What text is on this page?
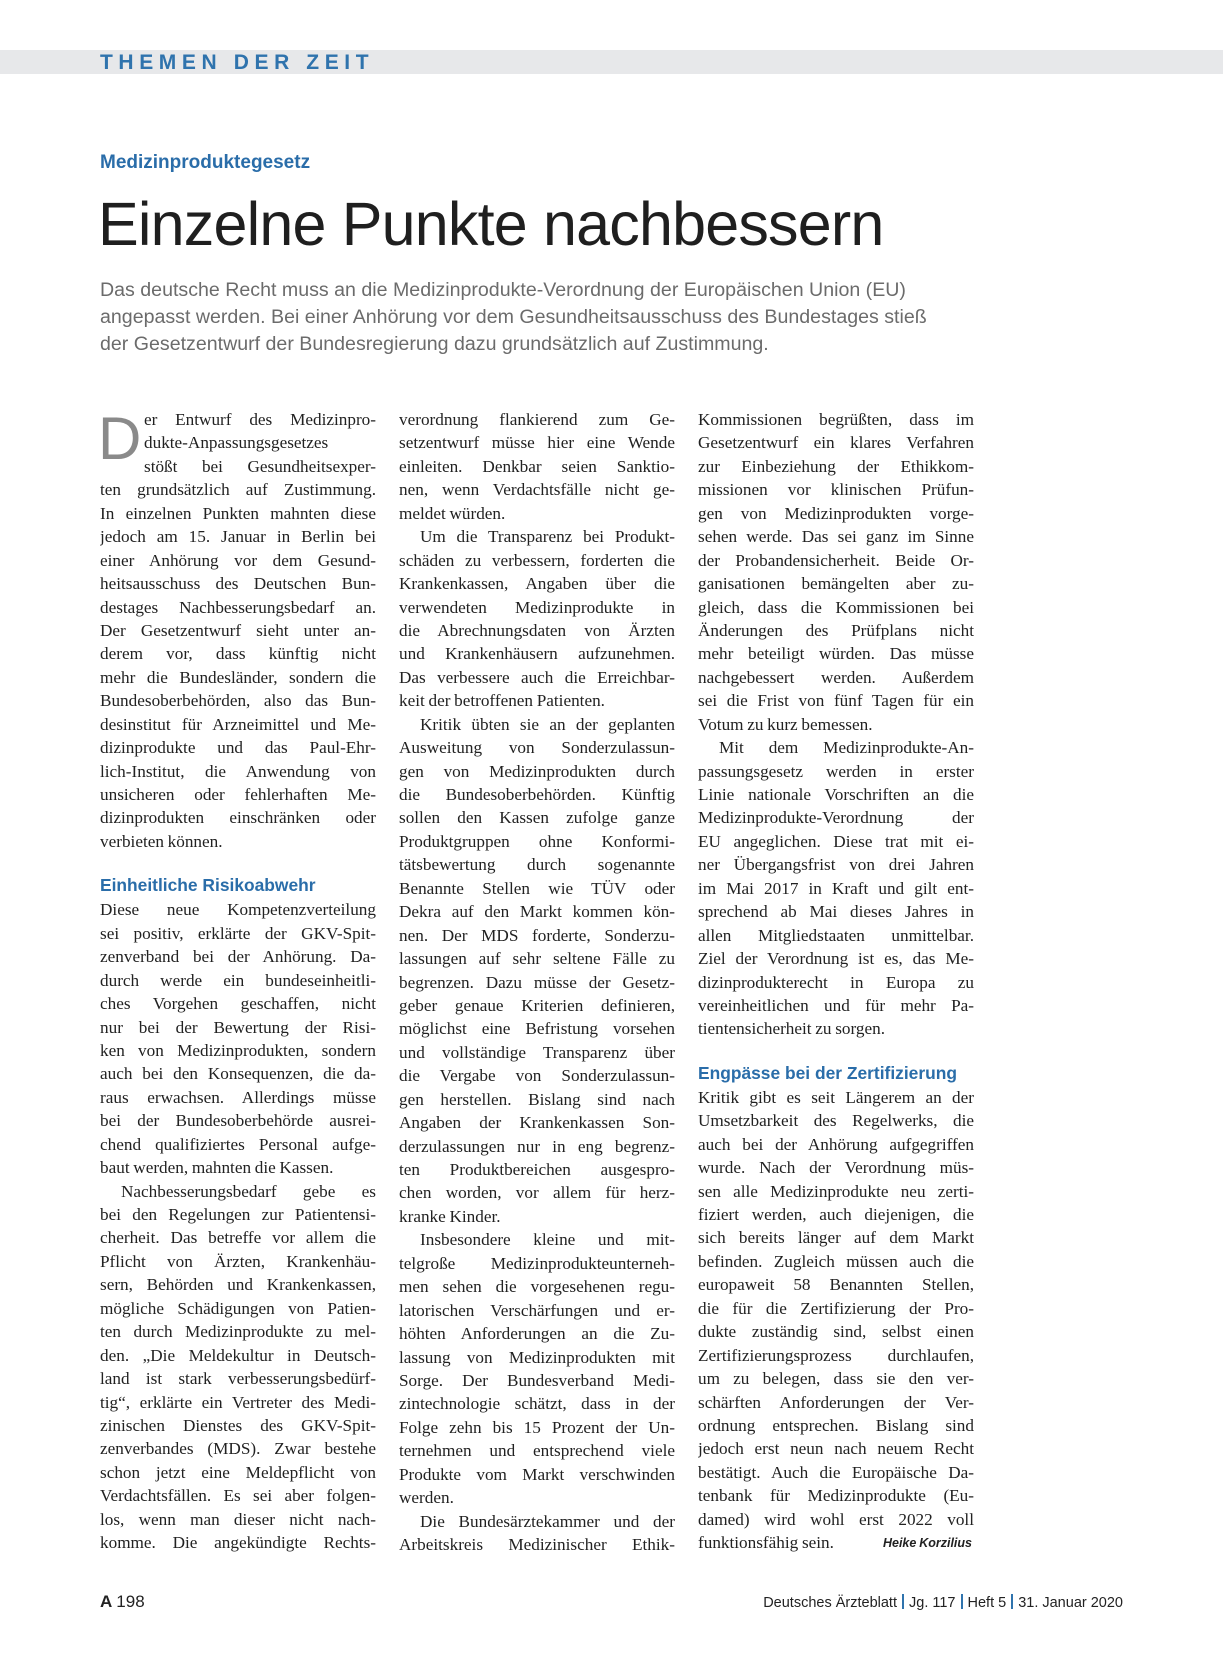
THEMEN DER ZEIT
Medizinproduktegesetz
Einzelne Punkte nachbessern

Das deutsche Recht muss an die Medizinprodukte-Verordnung der Europäischen Union (EU)

angepasst werden. Bei einer Anhörung vor dem Gesundheitsausschuss des Bundestages stieß

der Gesetzentwurf der Bundesregierung dazu grundsätzlich auf Zustimmung.

D er Entwurf des Medizinpro-
dukte-Anpassungsgesetzes
stößt bei Gesundheitsexper-
ten grundsätzlich auf Zustimmung.
In einzelnen Punkten mahnten diese
jedoch am 15. Januar in Berlin bei
einer Anhörung vor dem Gesund-
heitsausschuss des Deutschen Bun-
destages Nachbesserungsbedarf an.
Der Gesetzentwurf sieht unter an-
derem vor, dass künftig nicht
mehr die Bundesländer, sondern die
Bundesoberbehörden, also das Bun-
desinstitut für Arzneimittel und Me-
dizinprodukte und das Paul-Ehr-
lich-Institut, die Anwendung von
unsicheren oder fehlerhaften Me-
dizinprodukten einschränken oder
verbieten können.
Einheitliche Risikoabwehr
Diese neue Kompetenzverteilung
sei positiv, erklärte der GKV-Spit-
zenverband bei der Anhörung. Da-
durch werde ein bundeseinheitli-
ches Vorgehen geschaffen, nicht
nur bei der Bewertung der Risi-
ken von Medizinprodukten, sondern
auch bei den Konsequenzen, die da-
raus erwachsen. Allerdings müsse
bei der Bundesoberbehörde ausrei-
chend qualifiziertes Personal aufge-
baut werden, mahnten die Kassen.
Nachbesserungsbedarf gebe es
bei den Regelungen zur Patientensi-
cherheit. Das betreffe vor allem die
Pflicht von Ärzten, Krankenhäu-
sern, Behörden und Krankenkassen,
mögliche Schädigungen von Patien-
ten durch Medizinprodukte zu mel-
den. „Die Meldekultur in Deutsch-
land ist stark verbesserungsbedürf-
tig“, erklärte ein Vertreter des Medi-
zinischen Dienstes des GKV-Spit-
zenverbandes (MDS). Zwar bestehe
schon jetzt eine Meldepflicht von
Verdachtsfällen. Es sei aber folgen-
los, wenn man dieser nicht nach-
komme. Die angekündigte Rechts-
verordnung flankierend zum Ge-
setzentwurf müsse hier eine Wende
einleiten. Denkbar seien Sanktio-
nen, wenn Verdachtsfälle nicht ge-
meldet würden.
Um die Transparenz bei Produkt-
schäden zu verbessern, forderten die
Krankenkassen, Angaben über die
verwendeten Medizinprodukte in
die Abrechnungsdaten von Ärzten
und Krankenhäusern aufzunehmen.
Das verbessere auch die Erreichbar-
keit der betroffenen Patienten.
Kritik übten sie an der geplanten
Ausweitung von Sonderzulassun-
gen von Medizinprodukten durch
die Bundesoberbehörden. Künftig
sollen den Kassen zufolge ganze
Produktgruppen ohne Konformi-
tätsbewertung durch sogenannte
Benannte Stellen wie TÜV oder
Dekra auf den Markt kommen kön-
nen. Der MDS forderte, Sonderzu-
lassungen auf sehr seltene Fälle zu
begrenzen. Dazu müsse der Gesetz-
geber genaue Kriterien definieren,
möglichst eine Befristung vorsehen
und vollständige Transparenz über
die Vergabe von Sonderzulassun-
gen herstellen. Bislang sind nach
Angaben der Krankenkassen Son-
derzulassungen nur in eng begrenz-
ten Produktbereichen ausgespro-
chen worden, vor allem für herz-
kranke Kinder.
Insbesondere kleine und mit-
telgroße Medizinprodukteunterneh-
men sehen die vorgesehenen regu-
latorischen Verschärfungen und er-
höhten Anforderungen an die Zu-
lassung von Medizinprodukten mit
Sorge. Der Bundesverband Medi-
zintechnologie schätzt, dass in der
Folge zehn bis 15 Prozent der Un-
ternehmen und entsprechend viele
Produkte vom Markt verschwinden
werden.
Die Bundesärztekammer und der
Arbeitskreis Medizinischer Ethik-
Kommissionen begrüßten, dass im
Gesetzentwurf ein klares Verfahren
zur Einbeziehung der Ethikkom-
missionen vor klinischen Prüfun-
gen von Medizinprodukten vorge-
sehen werde. Das sei ganz im Sinne
der Probandensicherheit. Beide Or-
ganisationen bemängelten aber zu-
gleich, dass die Kommissionen bei
Änderungen des Prüfplans nicht
mehr beteiligt würden. Das müsse
nachgebessert werden. Außerdem
sei die Frist von fünf Tagen für ein
Votum zu kurz bemessen.
Mit dem Medizinprodukte-An-
passungsgesetz werden in erster
Linie nationale Vorschriften an die
Medizinprodukte-Verordnung der
EU angeglichen. Diese trat mit ei-
ner Übergangsfrist von drei Jahren
im Mai 2017 in Kraft und gilt ent-
sprechend ab Mai dieses Jahres in
allen Mitgliedstaaten unmittelbar.
Ziel der Verordnung ist es, das Me-
dizinprodukterecht in Europa zu
vereinheitlichen und für mehr Pa-
tientensicherheit zu sorgen.
Engpässe bei der Zertifizierung
Kritik gibt es seit Längerem an der
Umsetzbarkeit des Regelwerks, die
auch bei der Anhörung aufgegriffen
wurde. Nach der Verordnung müs-
sen alle Medizinprodukte neu zerti-
fiziert werden, auch diejenigen, die
sich bereits länger auf dem Markt
befinden. Zugleich müssen auch die
europaweit 58 Benannten Stellen,
die für die Zertifizierung der Pro-
dukte zuständig sind, selbst einen
Zertifizierungsprozess durchlaufen,
um zu belegen, dass sie den ver-
schärften Anforderungen der Ver-
ordnung entsprechen. Bislang sind
jedoch erst neun nach neuem Recht
bestätigt. Auch die Europäische Da-
tenbank für Medizinprodukte (Eu-
damed) wird wohl erst 2022 voll
funktionsfähig sein.	Heike Korzilius
A 198	Deutsches Ärzteblatt Jg. 117 Heft 5 31. Januar 2020
